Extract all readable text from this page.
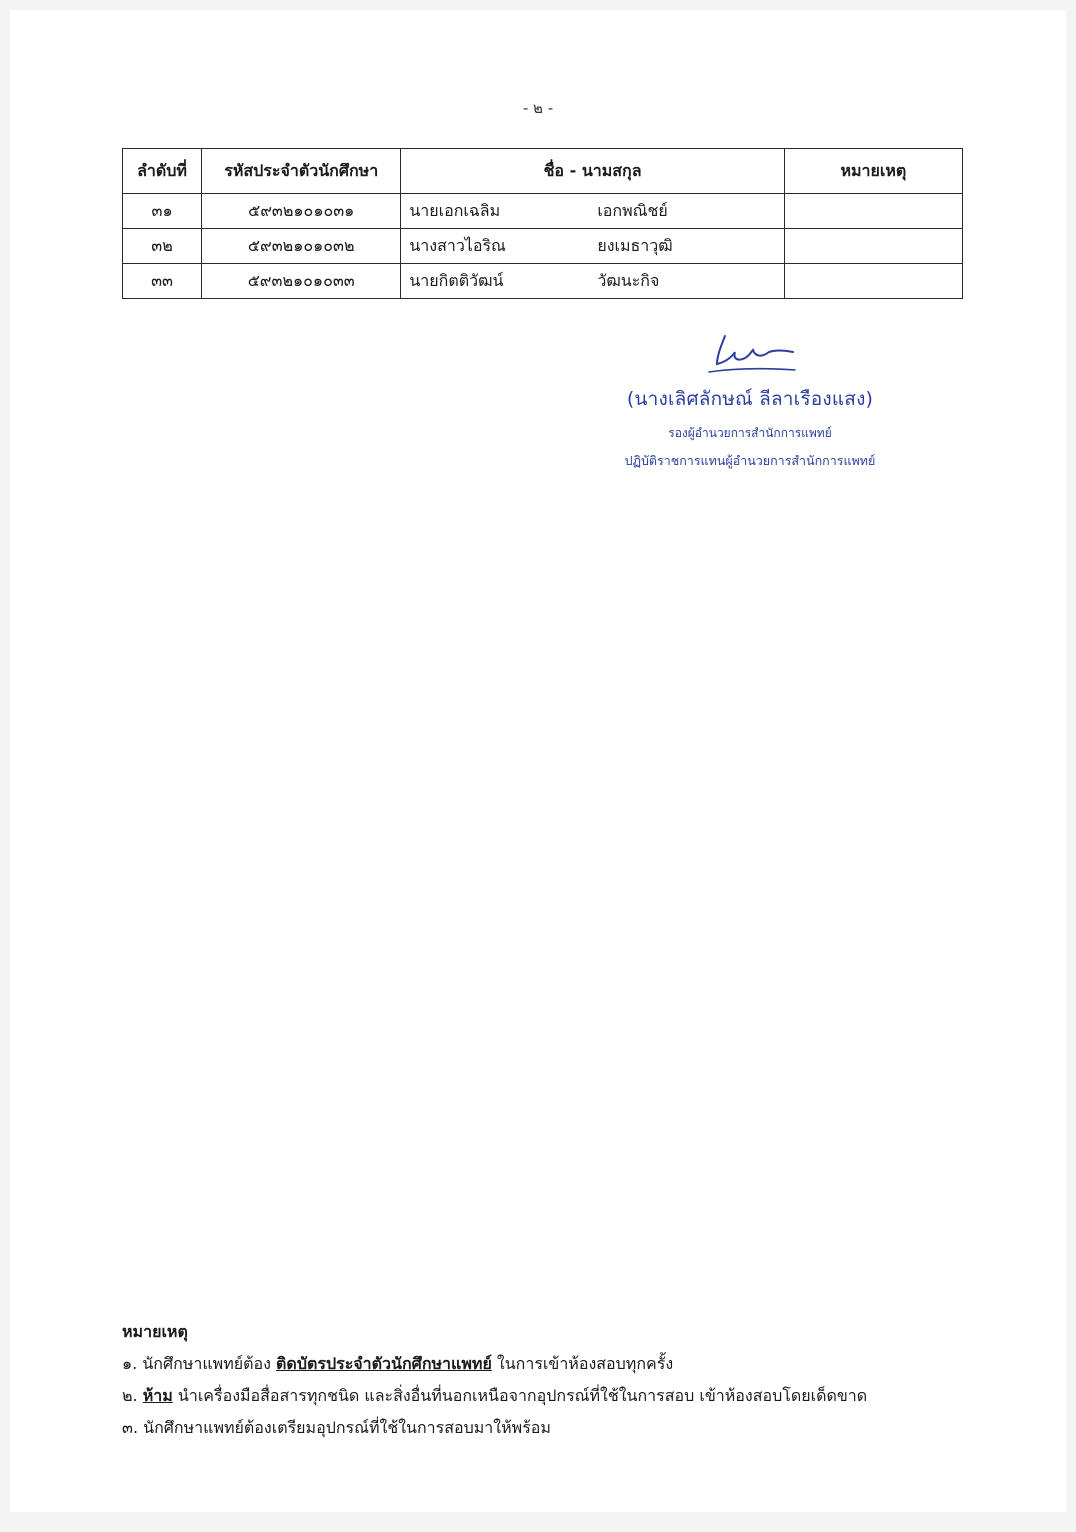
- ๒ -
ลำดับที่	รหัสประจำตัวนักศึกษา	ชื่อ - นามสกุล	หมายเหตุ
๓๑	๕๙๓๒๑๐๑๐๓๑	นายเอกเฉลิม เอกพณิชย์	
๓๒	๕๙๓๒๑๐๑๐๓๒	นางสาวไอริณ ยงเมธาวุฒิ	
๓๓	๕๙๓๒๑๐๑๐๓๓	นายกิตติวัฒน์ วัฒนะกิจ	
(นางเลิศลักษณ์ ลีลาเรืองแสง)
รองผู้อำนวยการสำนักการแพทย์
ปฏิบัติราชการแทนผู้อำนวยการสำนักการแพทย์
หมายเหตุ
๑. นักศึกษาแพทย์ต้อง ติดบัตรประจำตัวนักศึกษาแพทย์ ในการเข้าห้องสอบทุกครั้ง
๒. ห้าม นำเครื่องมือสื่อสารทุกชนิด และสิ่งอื่นที่นอกเหนือจากอุปกรณ์ที่ใช้ในการสอบ เข้าห้องสอบโดยเด็ดขาด
๓. นักศึกษาแพทย์ต้องเตรียมอุปกรณ์ที่ใช้ในการสอบมาให้พร้อม
